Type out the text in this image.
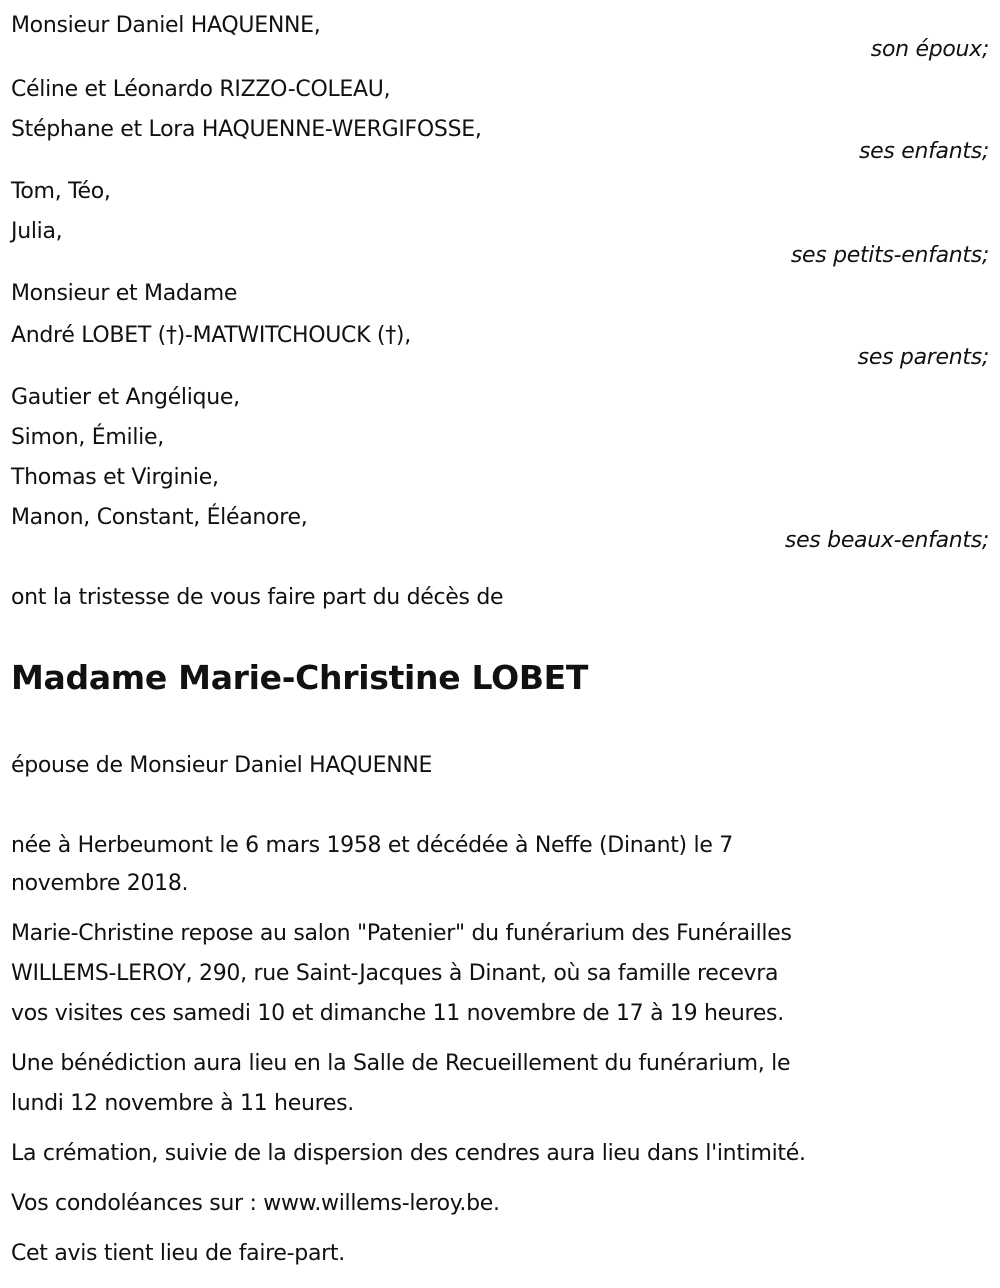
Monsieur Daniel HAQUENNE,
son époux;
Céline et Léonardo RIZZO-COLEAU,
Stéphane et Lora HAQUENNE-WERGIFOSSE,
ses enfants;
Tom, Téo,
Julia,
ses petits-enfants;
Monsieur et Madame
André LOBET (†)-MATWITCHOUCK (†),
ses parents;
Gautier et Angélique,
Simon, Émilie,
Thomas et Virginie,
Manon, Constant, Éléanore,
ses beaux-enfants;
ont la tristesse de vous faire part du décès de
Madame Marie-Christine LOBET
épouse de Monsieur Daniel HAQUENNE
née à Herbeumont le 6 mars 1958 et décédée à Neffe (Dinant) le 7
novembre 2018.
Marie-Christine repose au salon "Patenier" du funérarium des Funérailles
WILLEMS-LEROY, 290, rue Saint-Jacques à Dinant, où sa famille recevra
vos visites ces samedi 10 et dimanche 11 novembre de 17 à 19 heures.
Une bénédiction aura lieu en la Salle de Recueillement du funérarium, le
lundi 12 novembre à 11 heures.
La crémation, suivie de la dispersion des cendres aura lieu dans l'intimité.
Vos condoléances sur : www.willems-leroy.be.
Cet avis tient lieu de faire-part.
